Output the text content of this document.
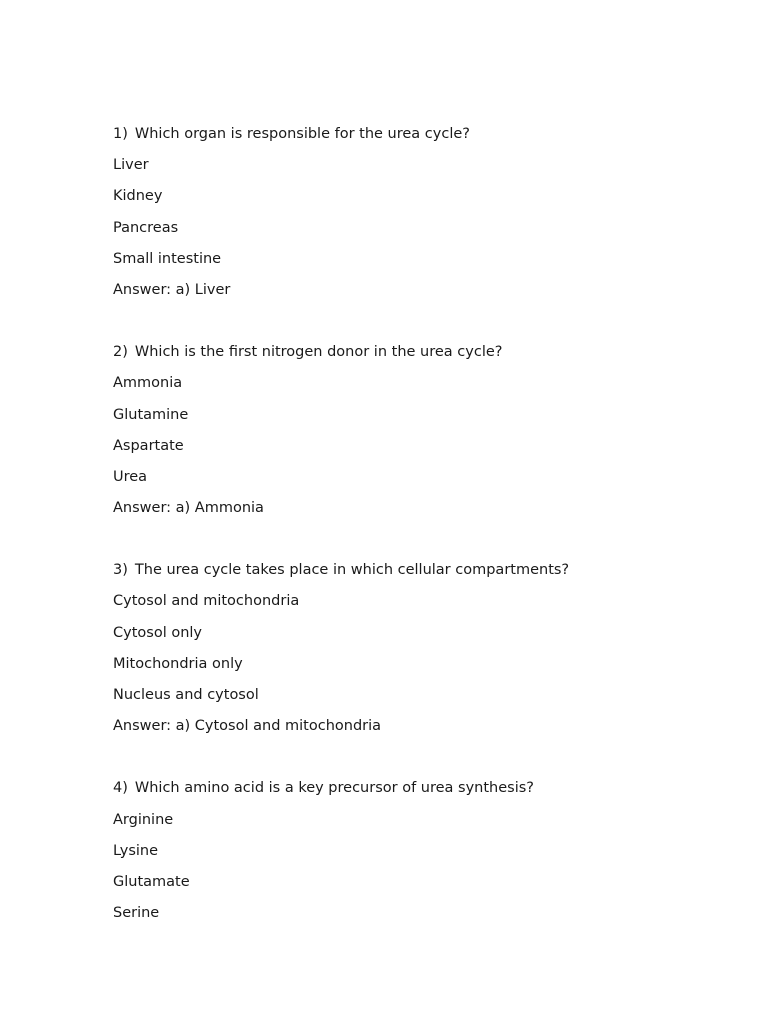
1) Which organ is responsible for the urea cycle?
Liver
Kidney
Pancreas
Small intestine
Answer: a) Liver
2) Which is the first nitrogen donor in the urea cycle?
Ammonia
Glutamine
Aspartate
Urea
Answer: a) Ammonia
3) The urea cycle takes place in which cellular compartments?
Cytosol and mitochondria
Cytosol only
Mitochondria only
Nucleus and cytosol
Answer: a) Cytosol and mitochondria
4) Which amino acid is a key precursor of urea synthesis?
Arginine
Lysine
Glutamate
Serine
